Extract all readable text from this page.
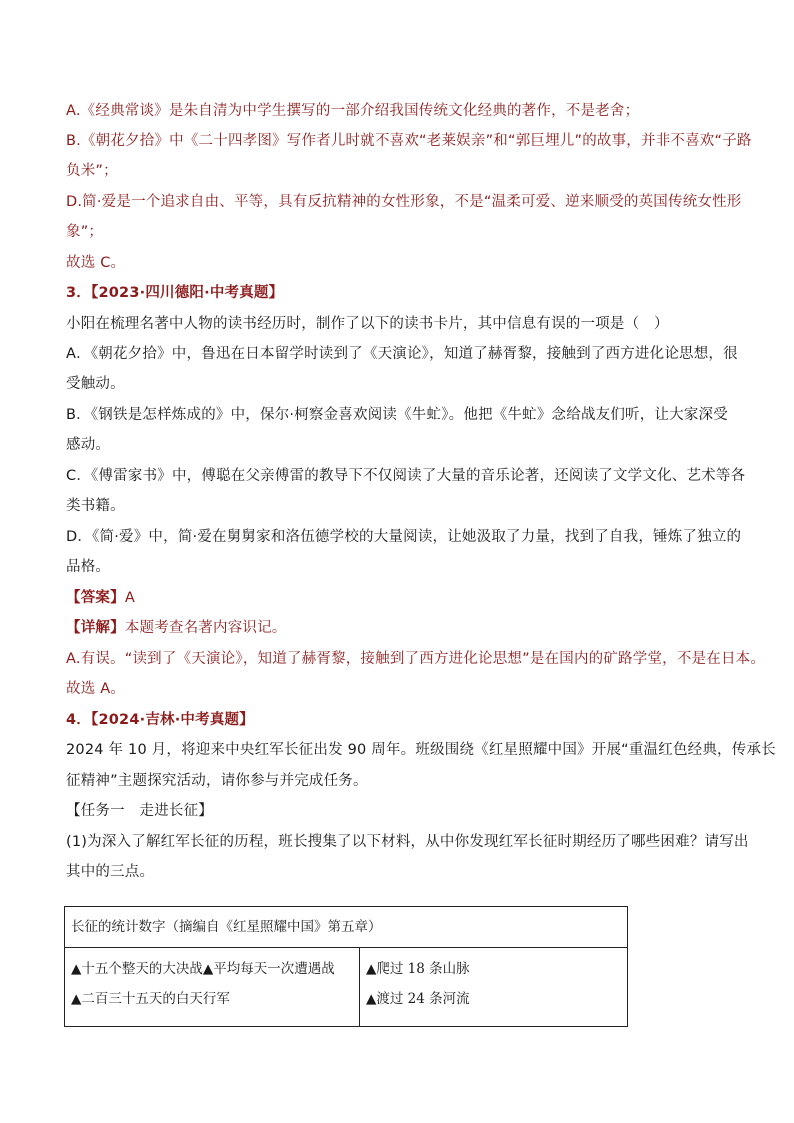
A.《经典常谈》是朱自清为中学生撰写的一部介绍我国传统文化经典的著作，不是老舍；
B.《朝花夕拾》中《二十四孝图》写作者儿时就不喜欢“老莱娱亲”和“郭巨埋儿”的故事，并非不喜欢“子路
负米”；
D.简·爱是一个追求自由、平等，具有反抗精神的女性形象，不是“温柔可爱、逆来顺受的英国传统女性形
象”；
故选 C。
3．【2023·四川德阳·中考真题】
小阳在梳理名著中人物的读书经历时，制作了以下的读书卡片，其中信息有误的一项是（　）
A．《朝花夕拾》中，鲁迅在日本留学时读到了《天演论》，知道了赫胥黎，接触到了西方进化论思想，很
受触动。
B．《钢铁是怎样炼成的》中，保尔·柯察金喜欢阅读《牛虻》。他把《牛虻》念给战友们听，让大家深受
感动。
C．《傅雷家书》中，傅聪在父亲傅雷的教导下不仅阅读了大量的音乐论著，还阅读了文学文化、艺术等各
类书籍。
D．《简·爱》中，简·爱在舅舅家和洛伍德学校的大量阅读，让她汲取了力量，找到了自我，锤炼了独立的
品格。
【答案】A
【详解】本题考查名著内容识记。
A.有误。“读到了《天演论》，知道了赫胥黎，接触到了西方进化论思想”是在国内的矿路学堂，不是在日本。
故选 A。
4．【2024·吉林·中考真题】
2024 年 10 月，将迎来中央红军长征出发 90 周年。班级围绕《红星照耀中国》开展“重温红色经典，传承长
征精神”主题探究活动，请你参与并完成任务。
【任务一　走进长征】
(1)为深入了解红军长征的历程，班长搜集了以下材料，从中你发现红军长征时期经历了哪些困难？请写出
其中的三点。
长征的统计数字（摘编自《红星照耀中国》第五章）

▲十五个整天的大决战▲平均每天一次遭遇战
▲二百三十五天的白天行军

▲爬过 18 条山脉
▲渡过 24 条河流
